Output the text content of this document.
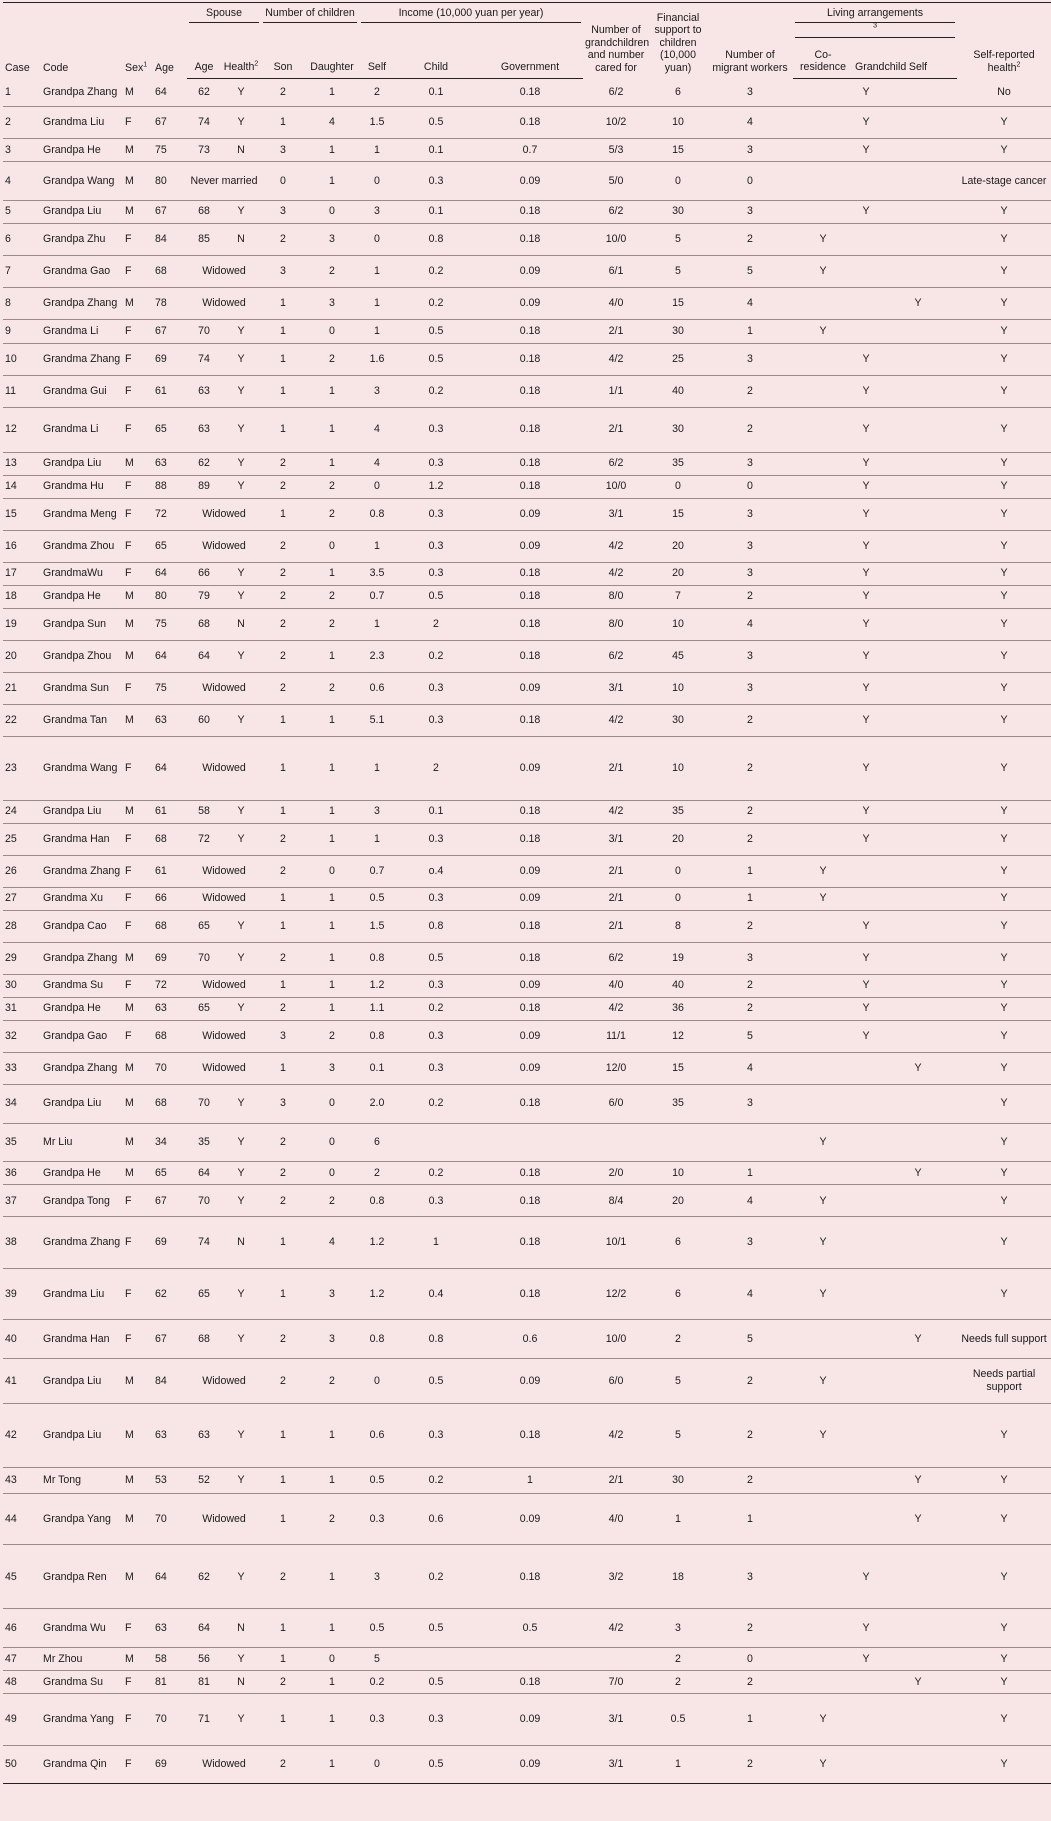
Case	Code	Sex$^1$	Age	Spouse		Number of children		Income (10,000 yuan per year)			Number of grandchildren and number cared for	Financial support to children (10,000 yuan)	Number of migrant workers	Living arrangements$^3$			Self-reported health$^2$	
				Age	Health$^2$	Son	Daughter	Self	Child	Government				Co-residence	Grandchild	Self		
1	Grandpa Zhang	M	64	62	Y	2	1	2	0.1	0.18	6/2	6	3		Y		No	
2	Grandma Liu	F	67	74	Y	1	4	1.5	0.5	0.18	10/2	10	4		Y		Y	
3	Grandpa He	M	75	73	N	3	1	1	0.1	0.7	5/3	15	3		Y		Y	
4	Grandpa Wang	M	80	Never married		0	1	0	0.3	0.09	5/0	0	0				Late-stage cancer	
5	Grandpa Liu	M	67	68	Y	3	0	3	0.1	0.18	6/2	30	3		Y		Y	
6	Grandpa Zhu	F	84	85	N	2	3	0	0.8	0.18	10/0	5	2	Y			Y	
7	Grandma Gao	F	68	Widowed		3	2	1	0.2	0.09	6/1	5	5	Y			Y	
8	Grandpa Zhang	M	78	Widowed		1	3	1	0.2	0.09	4/0	15	4			Y	Y	
9	Grandma Li	F	67	70	Y	1	0	1	0.5	0.18	2/1	30	1	Y			Y	
10	Grandma Zhang	F	69	74	Y	1	2	1.6	0.5	0.18	4/2	25	3		Y		Y	
11	Grandma Gui	F	61	63	Y	1	1	3	0.2	0.18	1/1	40	2		Y		Y	
12	Grandma Li	F	65	63	Y	1	1	4	0.3	0.18	2/1	30	2		Y		Y	
13	Grandpa Liu	M	63	62	Y	2	1	4	0.3	0.18	6/2	35	3		Y		Y	
14	Grandma Hu	F	88	89	Y	2	2	0	1.2	0.18	10/0	0	0		Y		Y	
15	Grandma Meng	F	72	Widowed		1	2	0.8	0.3	0.09	3/1	15	3		Y		Y	
16	Grandma Zhou	F	65	Widowed		2	0	1	0.3	0.09	4/2	20	3		Y		Y	
17	GrandmaWu	F	64	66	Y	2	1	3.5	0.3	0.18	4/2	20	3		Y		Y	
18	Grandpa He	M	80	79	Y	2	2	0.7	0.5	0.18	8/0	7	2		Y		Y	
19	Grandpa Sun	M	75	68	N	2	2	1	2	0.18	8/0	10	4		Y		Y	
20	Grandpa Zhou	M	64	64	Y	2	1	2.3	0.2	0.18	6/2	45	3		Y		Y	
21	Grandma Sun	F	75	Widowed		2	2	0.6	0.3	0.09	3/1	10	3		Y		Y	
22	Grandma Tan	M	63	60	Y	1	1	5.1	0.3	0.18	4/2	30	2		Y		Y	
23	Grandma Wang	F	64	Widowed		1	1	1	2	0.09	2/1	10	2		Y		Y	
24	Grandpa Liu	M	61	58	Y	1	1	3	0.1	0.18	4/2	35	2		Y		Y	
25	Grandma Han	F	68	72	Y	2	1	1	0.3	0.18	3/1	20	2		Y		Y	
26	Grandma Zhang	F	61	Widowed		2	0	0.7	o.4	0.09	2/1	0	1	Y			Y	
27	Grandma Xu	F	66	Widowed		1	1	0.5	0.3	0.09	2/1	0	1	Y			Y	
28	Grandpa Cao	F	68	65	Y	1	1	1.5	0.8	0.18	2/1	8	2		Y		Y	
29	Grandpa Zhang	M	69	70	Y	2	1	0.8	0.5	0.18	6/2	19	3		Y		Y	
30	Grandma Su	F	72	Widowed		1	1	1.2	0.3	0.09	4/0	40	2		Y		Y	
31	Grandpa He	M	63	65	Y	2	1	1.1	0.2	0.18	4/2	36	2		Y		Y	
32	Grandpa Gao	F	68	Widowed		3	2	0.8	0.3	0.09	11/1	12	5		Y		Y	
33	Grandpa Zhang	M	70	Widowed		1	3	0.1	0.3	0.09	12/0	15	4			Y	Y	
34	Grandpa Liu	M	68	70	Y	3	0	2.0	0.2	0.18	6/0	35	3				Y	
35	Mr Liu	M	34	35	Y	2	0	6						Y			Y	
36	Grandpa He	M	65	64	Y	2	0	2	0.2	0.18	2/0	10	1			Y	Y	
37	Grandpa Tong	F	67	70	Y	2	2	0.8	0.3	0.18	8/4	20	4	Y			Y	
38	Grandma Zhang	F	69	74	N	1	4	1.2	1	0.18	10/1	6	3	Y			Y	
39	Grandma Liu	F	62	65	Y	1	3	1.2	0.4	0.18	12/2	6	4	Y			Y	
40	Grandma Han	F	67	68	Y	2	3	0.8	0.8	0.6	10/0	2	5			Y	Needs full support	
41	Grandpa Liu	M	84	Widowed		2	2	0	0.5	0.09	6/0	5	2	Y			Needs partial support	
42	Grandpa Liu	M	63	63	Y	1	1	0.6	0.3	0.18	4/2	5	2	Y			Y	
43	Mr Tong	M	53	52	Y	1	1	0.5	0.2	1	2/1	30	2			Y	Y	
44	Grandpa Yang	M	70	Widowed		1	2	0.3	0.6	0.09	4/0	1	1			Y	Y	
45	Grandpa Ren	M	64	62	Y	2	1	3	0.2	0.18	3/2	18	3		Y		Y	
46	Grandma Wu	F	63	64	N	1	1	0.5	0.5	0.5	4/2	3	2		Y		Y	
47	Mr Zhou	M	58	56	Y	1	0	5				2	0		Y		Y	
48	Grandma Su	F	81	81	N	2	1	0.2	0.5	0.18	7/0	2	2			Y	Y	
49	Grandma Yang	F	70	71	Y	1	1	0.3	0.3	0.09	3/1	0.5	1	Y			Y	
50	Grandma Qin	F	69	Widowed		2	1	0	0.5	0.09	3/1	1	2	Y			Y	
